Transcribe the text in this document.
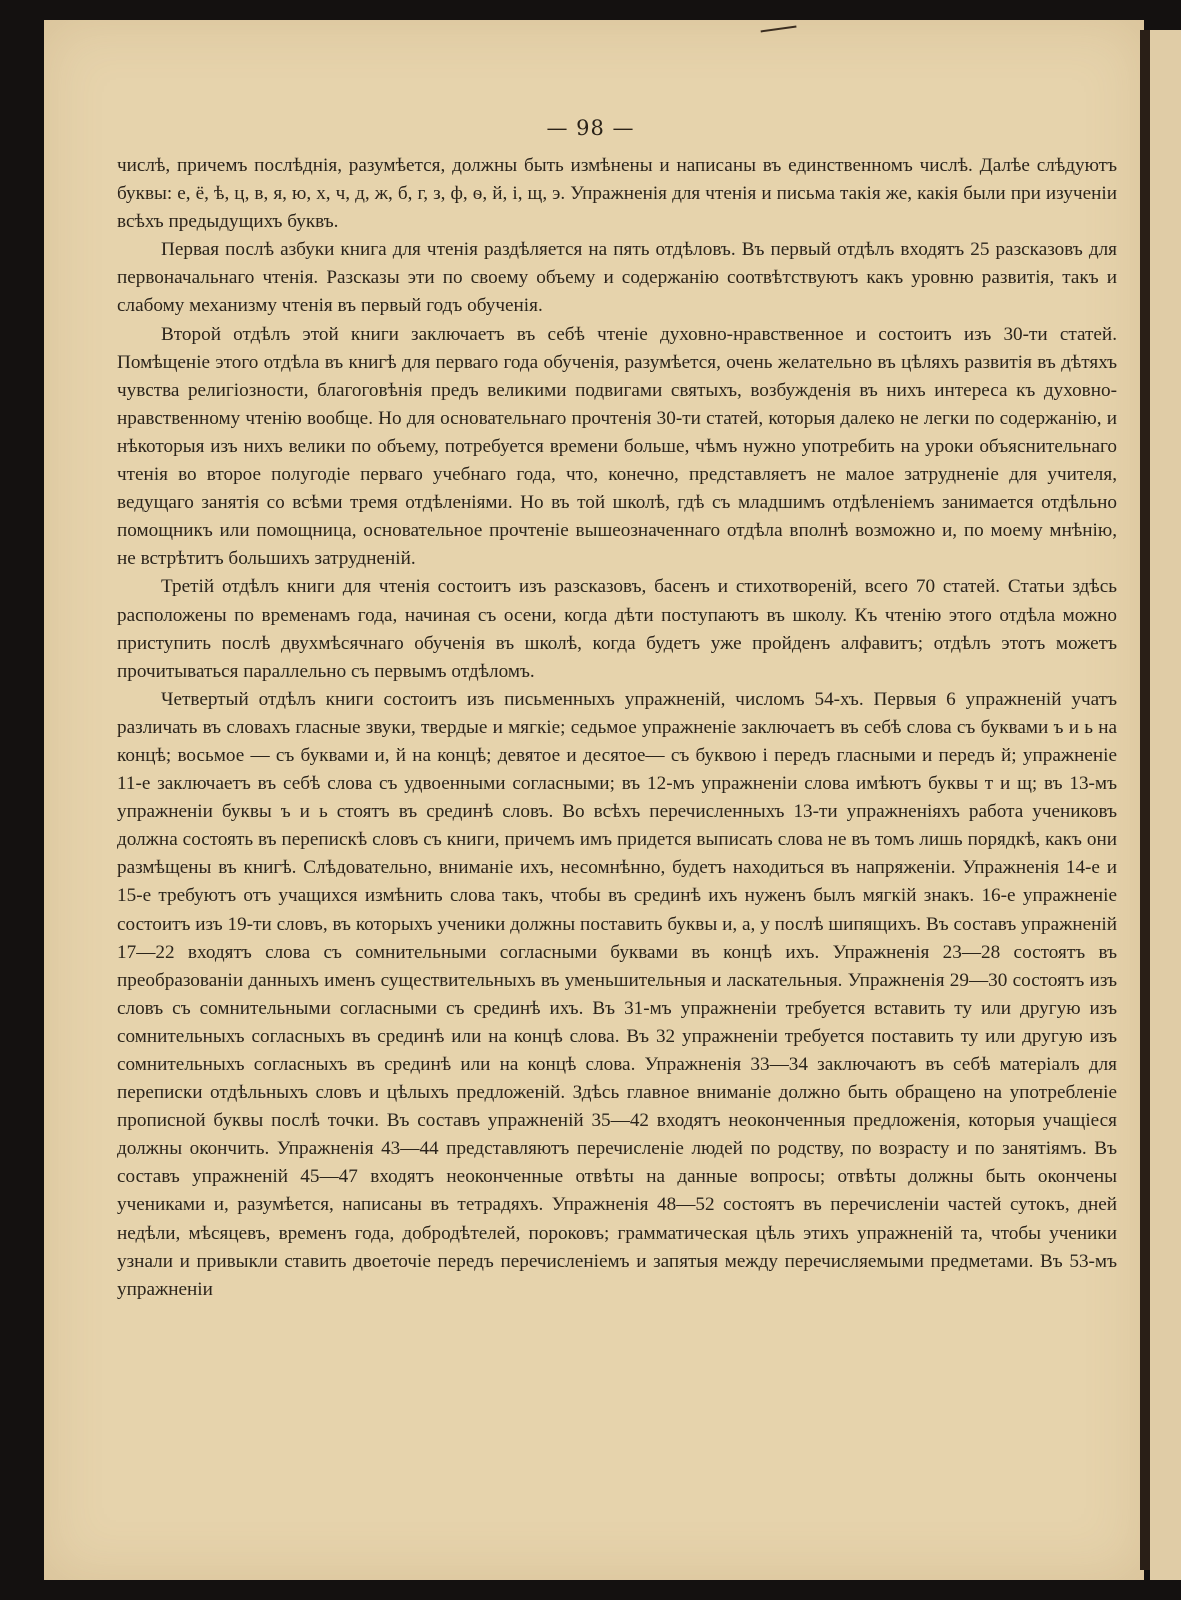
— 98 —

числѣ, причемъ послѣднія, разумѣется, должны быть измѣнены и написаны въ единственномъ числѣ. Далѣе слѣдуютъ буквы: е, ё, ѣ, ц, в, я, ю, х, ч, д, ж, б, г, з, ф, ѳ, й, і, щ, э. Упражненія для чтенія и письма такія же, какія были при изученіи всѣхъ предыдущихъ буквъ.

Первая послѣ азбуки книга для чтенія раздѣляется на пять отдѣловъ. Въ первый отдѣлъ входятъ 25 разсказовъ для первоначальнаго чтенія. Разсказы эти по своему объему и содержанію соотвѣтствуютъ какъ уровню развитія, такъ и слабому механизму чтенія въ первый годъ обученія.

Второй отдѣлъ этой книги заключаетъ въ себѣ чтеніе духовно-нравственное и состоитъ изъ 30-ти статей. Помѣщеніе этого отдѣла въ книгѣ для перваго года обученія, разумѣется, очень желательно въ цѣляхъ развитія въ дѣтяхъ чувства религіозности, благоговѣнія предъ великими подвигами святыхъ, возбужденія въ нихъ интереса къ духовно-нравственному чтенію вообще. Но для основательнаго прочтенія 30-ти статей, которыя далеко не легки по содержанію, и нѣкоторыя изъ нихъ велики по объему, потребуется времени больше, чѣмъ нужно употребить на уроки объяснительнаго чтенія во второе полугодіе перваго учебнаго года, что, конечно, представляетъ не малое затрудненіе для учителя, ведущаго занятія со всѣми тремя отдѣленіями. Но въ той школѣ, гдѣ съ младшимъ отдѣленіемъ занимается отдѣльно помощникъ или помощница, основательное прочтеніе вышеозначеннаго отдѣла вполнѣ возможно и, по моему мнѣнію, не встрѣтитъ большихъ затрудненій.

Третій отдѣлъ книги для чтенія состоитъ изъ разсказовъ, басенъ и стихотвореній, всего 70 статей. Статьи здѣсь расположены по временамъ года, начиная съ осени, когда дѣти поступаютъ въ школу. Къ чтенію этого отдѣла можно приступить послѣ двухмѣсячнаго обученія въ школѣ, когда будетъ уже пройденъ алфавитъ; отдѣлъ этотъ можетъ прочитываться параллельно съ первымъ отдѣломъ.

Четвертый отдѣлъ книги состоитъ изъ письменныхъ упражненій, числомъ 54-хъ. Первыя 6 упражненій учатъ различать въ словахъ гласные звуки, твердые и мягкіе; седьмое упражненіе заключаетъ въ себѣ слова съ буквами ъ и ь на концѣ; восьмое — съ буквами и, й на концѣ; девятое и десятое— съ буквою і передъ гласными и передъ й; упражненіе 11-е заключаетъ въ себѣ слова съ удвоенными согласными; въ 12-мъ упражненіи слова имѣютъ буквы т и щ; въ 13-мъ упражненіи буквы ъ и ь стоятъ въ срединѣ словъ. Во всѣхъ перечисленныхъ 13-ти упражненіяхъ работа учениковъ должна состоять въ перепискѣ словъ съ книги, причемъ имъ придется выписать слова не въ томъ лишь порядкѣ, какъ они размѣщены въ книгѣ. Слѣдовательно, вниманіе ихъ, несомнѣнно, будетъ находиться въ напряженіи. Упражненія 14-е и 15-е требуютъ отъ учащихся измѣнить слова такъ, чтобы въ срединѣ ихъ нуженъ былъ мягкій знакъ. 16-е упражненіе состоитъ изъ 19-ти словъ, въ которыхъ ученики должны поставить буквы и, а, у послѣ шипящихъ. Въ составъ упражненій 17—22 входятъ слова съ сомнительными согласными буквами въ концѣ ихъ. Упражненія 23—28 состоятъ въ преобразованіи данныхъ именъ существительныхъ въ уменьшительныя и ласкательныя. Упражненія 29—30 состоятъ изъ словъ съ сомнительными согласными съ срединѣ ихъ. Въ 31-мъ упражненіи требуется вставить ту или другую изъ сомнительныхъ согласныхъ въ срединѣ или на концѣ слова. Въ 32 упражненіи требуется поставить ту или другую изъ сомнительныхъ согласныхъ въ срединѣ или на концѣ слова. Упражненія 33—34 заключаютъ въ себѣ матеріалъ для переписки отдѣльныхъ словъ и цѣлыхъ предложеній. Здѣсь главное вниманіе должно быть обращено на употребленіе прописной буквы послѣ точки. Въ составъ упражненій 35—42 входятъ неоконченныя предложенія, которыя учащіеся должны окончить. Упражненія 43—44 представляютъ перечисленіе людей по родству, по возрасту и по занятіямъ. Въ составъ упражненій 45—47 входятъ неоконченные отвѣты на данные вопросы; отвѣты должны быть окончены учениками и, разумѣется, написаны въ тетрадяхъ. Упражненія 48—52 состоятъ въ перечисленіи частей сутокъ, дней недѣли, мѣсяцевъ, временъ года, добродѣтелей, пороковъ; грамматическая цѣль этихъ упражненій та, чтобы ученики узнали и привыкли ставить двоеточіе передъ перечисленіемъ и запятыя между перечисляемыми предметами. Въ 53-мъ упражненіи
